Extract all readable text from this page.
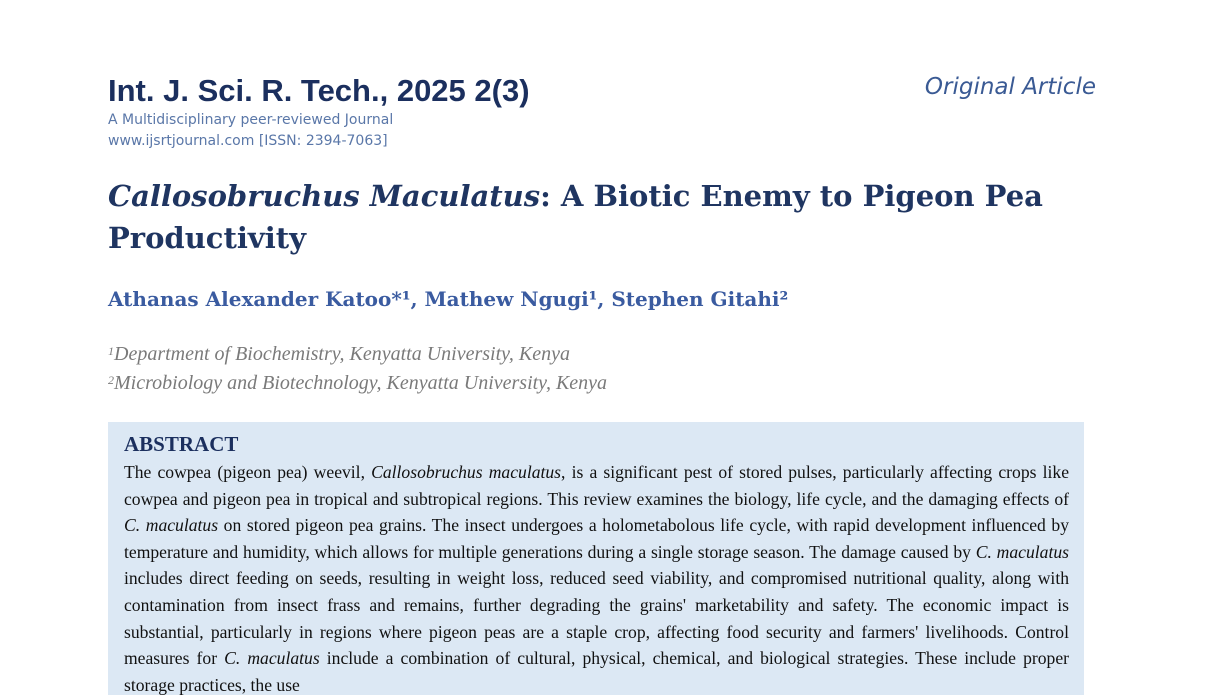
Int. J. Sci. R. Tech., 2025 2(3)	Original Article
A Multidisciplinary peer-reviewed Journal
www.ijsrtjournal.com [ISSN: 2394-7063]
Callosobruchus Maculatus: A Biotic Enemy to Pigeon Pea Productivity
Athanas Alexander Katoo*¹, Mathew Ngugi¹, Stephen Gitahi²
$^1$Department of Biochemistry, Kenyatta University, Kenya
$^2$Microbiology and Biotechnology, Kenyatta University, Kenya
ABSTRACT

The cowpea (pigeon pea) weevil, Callosobruchus maculatus, is a significant pest of stored pulses, particularly affecting crops like cowpea and pigeon pea in tropical and subtropical regions. This review examines the biology, life cycle, and the damaging effects of C. maculatus on stored pigeon pea grains. The insect undergoes a holometabolous life cycle, with rapid development influenced by temperature and humidity, which allows for multiple generations during a single storage season. The damage caused by C. maculatus includes direct feeding on seeds, resulting in weight loss, reduced seed viability, and compromised nutritional quality, along with contamination from insect frass and remains, further degrading the grains' marketability and safety. The economic impact is substantial, particularly in regions where pigeon peas are a staple crop, affecting food security and farmers' livelihoods. Control measures for C. maculatus include a combination of cultural, physical, chemical, and biological strategies. These include proper storage practices, the use
